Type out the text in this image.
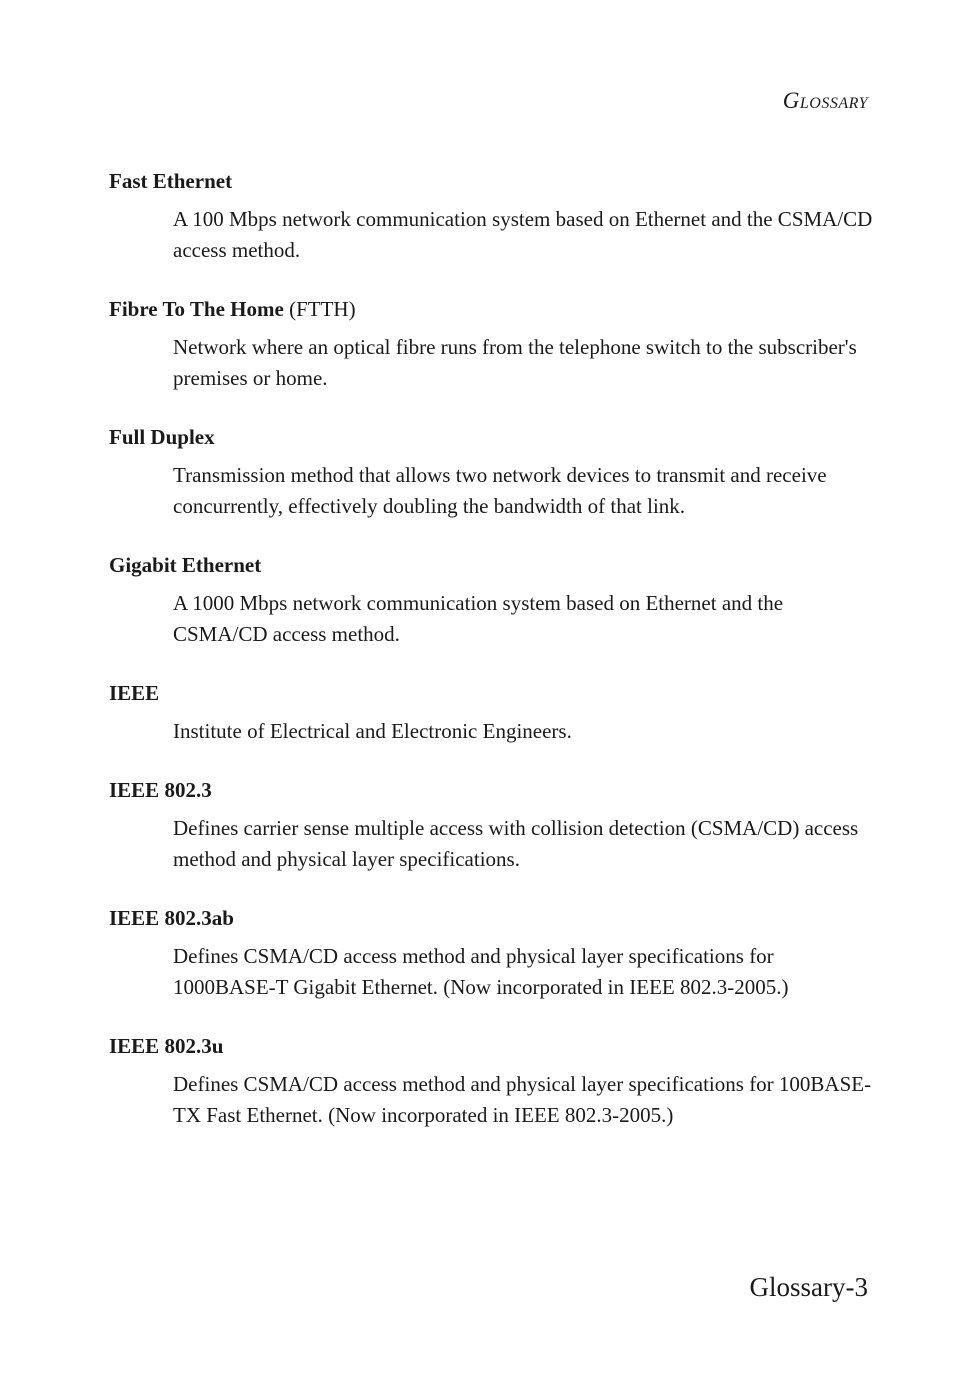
Glossary

Fast Ethernet

A 100 Mbps network communication system based on Ethernet and the CSMA/CD access method.

Fibre To The Home (FTTH)

Network where an optical fibre runs from the telephone switch to the subscriber's premises or home.

Full Duplex

Transmission method that allows two network devices to transmit and receive concurrently, effectively doubling the bandwidth of that link.

Gigabit Ethernet

A 1000 Mbps network communication system based on Ethernet and the CSMA/CD access method.

IEEE

Institute of Electrical and Electronic Engineers.

IEEE 802.3

Defines carrier sense multiple access with collision detection (CSMA/CD) access method and physical layer specifications.

IEEE 802.3ab

Defines CSMA/CD access method and physical layer specifications for 1000BASE-T Gigabit Ethernet. (Now incorporated in IEEE 802.3-2005.)

IEEE 802.3u

Defines CSMA/CD access method and physical layer specifications for 100BASE-TX Fast Ethernet. (Now incorporated in IEEE 802.3-2005.)
Glossary-3
